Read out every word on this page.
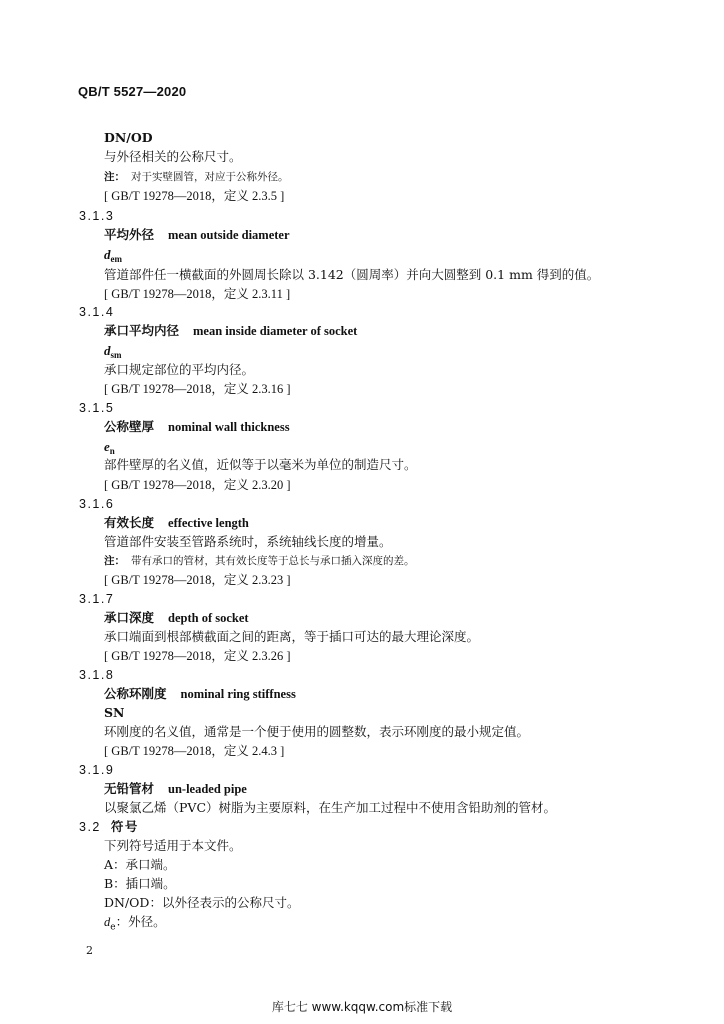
QB/T 5527—2020
DN/OD
与外径相关的公称尺寸。
注： 对于实壁圆管，对应于公称外径。
[ GB/T 19278—2018，定义 2.3.5 ]
3.1.3
平均外径 mean outside diameter
$d_{em}$
管道部件任一横截面的外圆周长除以 3.142（圆周率）并向大圆整到 0.1 mm 得到的值。
[ GB/T 19278—2018，定义 2.3.11 ]
3.1.4
承口平均内径 mean inside diameter of socket
$d_{sm}$
承口规定部位的平均内径。
[ GB/T 19278—2018，定义 2.3.16 ]
3.1.5
公称壁厚 nominal wall thickness
$e_n$
部件壁厚的名义值，近似等于以毫米为单位的制造尺寸。
[ GB/T 19278—2018，定义 2.3.20 ]
3.1.6
有效长度 effective length
管道部件安装至管路系统时，系统轴线长度的增量。
注： 带有承口的管材，其有效长度等于总长与承口插入深度的差。
[ GB/T 19278—2018，定义 2.3.23 ]
3.1.7
承口深度 depth of socket
承口端面到根部横截面之间的距离，等于插口可达的最大理论深度。
[ GB/T 19278—2018，定义 2.3.26 ]
3.1.8
公称环刚度 nominal ring stiffness
SN
环刚度的名义值，通常是一个便于使用的圆整数，表示环刚度的最小规定值。
[ GB/T 19278—2018，定义 2.4.3 ]
3.1.9
无铅管材 un-leaded pipe
以聚氯乙烯（PVC）树脂为主要原料，在生产加工过程中不使用含铅助剂的管材。
3.2 符号
下列符号适用于本文件。
A：承口端。
B：插口端。
DN/OD：以外径表示的公称尺寸。
$d_e$：外径。
2
库七七 www.kqqw.com标准下载
